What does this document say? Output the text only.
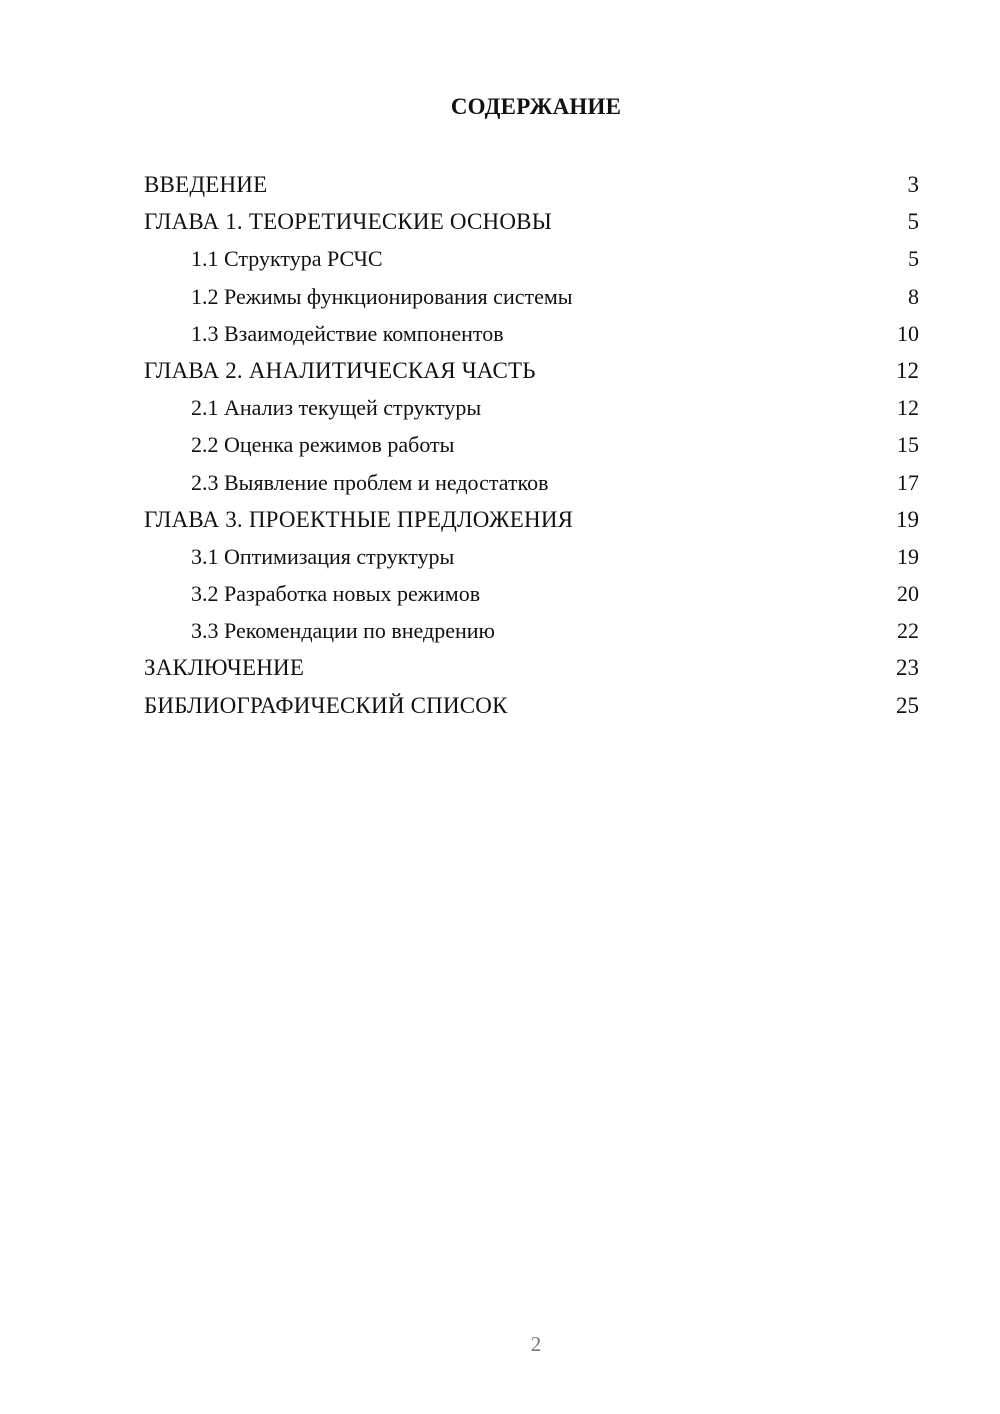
СОДЕРЖАНИЕ
ВВЕДЕНИЕ	3
ГЛАВА 1. ТЕОРЕТИЧЕСКИЕ ОСНОВЫ	5
1.1 Структура РСЧС	5
1.2 Режимы функционирования системы	8
1.3 Взаимодействие компонентов	10
ГЛАВА 2. АНАЛИТИЧЕСКАЯ ЧАСТЬ	12
2.1 Анализ текущей структуры	12
2.2 Оценка режимов работы	15
2.3 Выявление проблем и недостатков	17
ГЛАВА 3. ПРОЕКТНЫЕ ПРЕДЛОЖЕНИЯ	19
3.1 Оптимизация структуры	19
3.2 Разработка новых режимов	20
3.3 Рекомендации по внедрению	22
ЗАКЛЮЧЕНИЕ	23
БИБЛИОГРАФИЧЕСКИЙ СПИСОК	25
2
